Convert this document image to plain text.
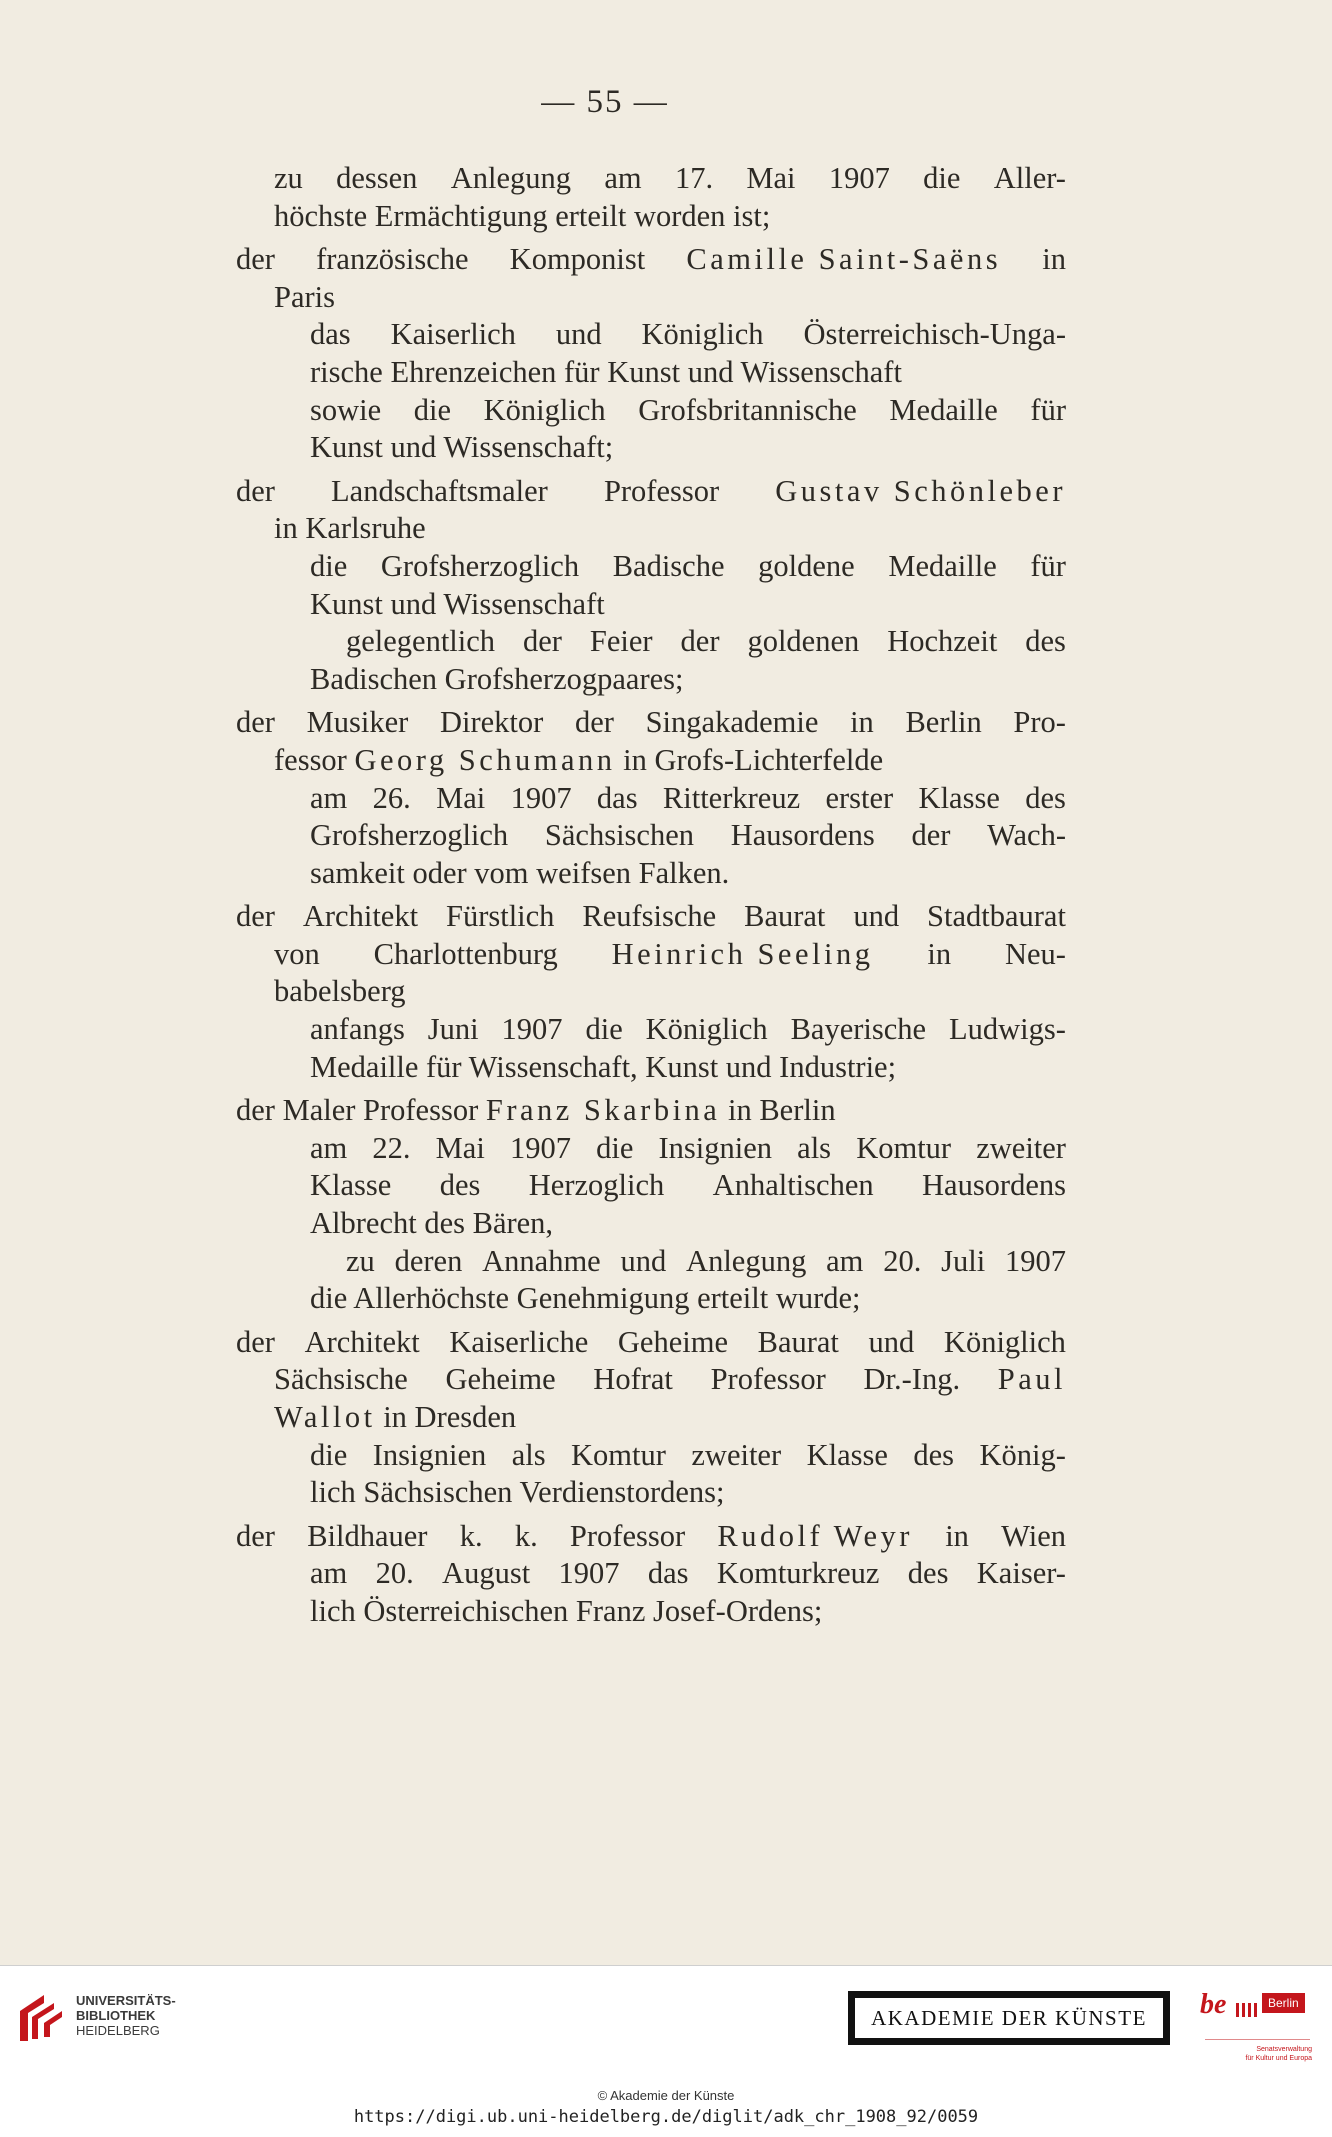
— 55 —
zu dessen Anlegung am 17. Mai 1907 die Aller-
höchste Ermächtigung erteilt worden ist;
der französische Komponist Camille Saint-Saëns in
Paris
das Kaiserlich und Königlich Österreichisch-Unga-
rische Ehrenzeichen für Kunst und Wissenschaft
sowie die Königlich Grofsbritannische Medaille für
Kunst und Wissenschaft;
der Landschaftsmaler Professor Gustav Schönleber
in Karlsruhe
die Grofsherzoglich Badische goldene Medaille für
Kunst und Wissenschaft
gelegentlich der Feier der goldenen Hochzeit des
Badischen Grofsherzogpaares;
der Musiker Direktor der Singakademie in Berlin Pro-
fessor Georg Schumann in Grofs-Lichterfelde
am 26. Mai 1907 das Ritterkreuz erster Klasse des
Grofsherzoglich Sächsischen Hausordens der Wach-
samkeit oder vom weifsen Falken.
der Architekt Fürstlich Reufsische Baurat und Stadtbaurat
von Charlottenburg Heinrich Seeling in Neu-
babelsberg
anfangs Juni 1907 die Königlich Bayerische Ludwigs-
Medaille für Wissenschaft, Kunst und Industrie;
der Maler Professor Franz Skarbina in Berlin
am 22. Mai 1907 die Insignien als Komtur zweiter
Klasse des Herzoglich Anhaltischen Hausordens
Albrecht des Bären,
zu deren Annahme und Anlegung am 20. Juli 1907
die Allerhöchste Genehmigung erteilt wurde;
der Architekt Kaiserliche Geheime Baurat und Königlich
Sächsische Geheime Hofrat Professor Dr.-Ing. Paul
Wallot in Dresden
die Insignien als Komtur zweiter Klasse des König-
lich Sächsischen Verdienstordens;
der Bildhauer k. k. Professor Rudolf Weyr in Wien
am 20. August 1907 das Komturkreuz des Kaiser-
lich Österreichischen Franz Josef-Ordens;
UNIVERSITÄTS-
BIBLIOTHEK
HEIDELBERG
AKADEMIE DER KÜNSTE	be	Berlin
Senatsverwaltung
für Kultur und Europa
© Akademie der Künste
https://digi.ub.uni-heidelberg.de/diglit/adk_chr_1908_92/0059
